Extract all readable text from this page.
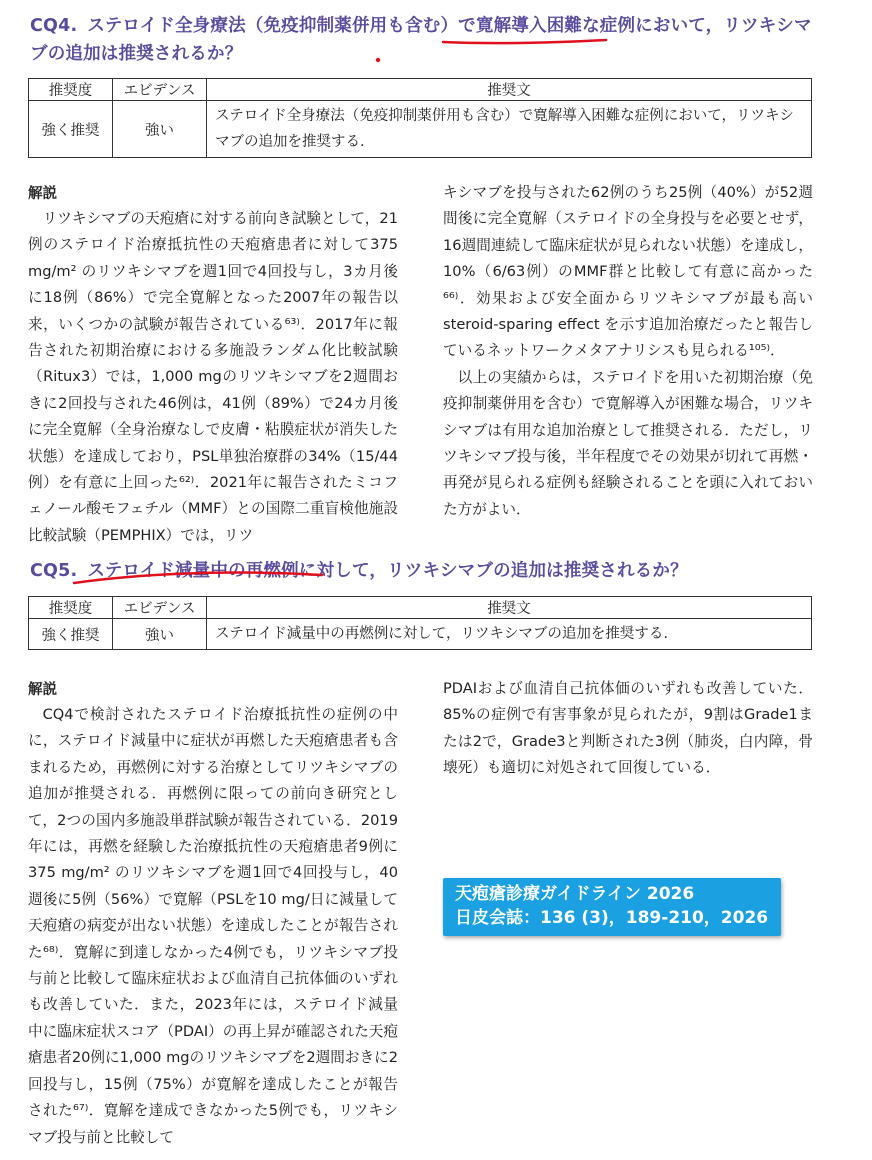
CQ4. ステロイド全身療法（免疫抑制薬併用も含む）で寛解導入困難な症例において，リツキシマブの追加は推奨されるか？
推奨度	エビデンス	推奨文
強く推奨	強い	ステロイド全身療法（免疫抑制薬併用も含む）で寛解導入困難な症例において，リツキシマブの追加を推奨する.
解説

リツキシマブの天疱瘡に対する前向き試験として，21例のステロイド治療抵抗性の天疱瘡患者に対して375 mg/m² のリツキシマブを週1回で4回投与し，3カ月後に18例（86%）で完全寛解となった2007年の報告以来，いくつかの試験が報告されている⁶³⁾．2017年に報告された初期治療における多施設ランダム化比較試験（Ritux3）では，1,000 mgのリツキシマブを2週間おきに2回投与された46例は，41例（89%）で24カ月後に完全寛解（全身治療なしで皮膚・粘膜症状が消失した状態）を達成しており，PSL単独治療群の34%（15/44例）を有意に上回った⁶²⁾．2021年に報告されたミコフェノール酸モフェチル（MMF）との国際二重盲検他施設比較試験（PEMPHIX）では，リツ

キシマブを投与された62例のうち25例（40%）が52週間後に完全寛解（ステロイドの全身投与を必要とせず，16週間連続して臨床症状が見られない状態）を達成し，10%（6/63例）のMMF群と比較して有意に高かった⁶⁶⁾．効果および安全面からリツキシマブが最も高い steroid-sparing effect を示す追加治療だったと報告しているネットワークメタアナリシスも見られる¹⁰⁵⁾．

以上の実績からは，ステロイドを用いた初期治療（免疫抑制薬併用を含む）で寛解導入が困難な場合，リツキシマブは有用な追加治療として推奨される．ただし，リツキシマブ投与後，半年程度でその効果が切れて再燃・再発が見られる症例も経験されることを頭に入れておいた方がよい．

CQ5. ステロイド減量中の再燃例に対して，リツキシマブの追加は推奨されるか？
推奨度	エビデンス	推奨文
強く推奨	強い	ステロイド減量中の再燃例に対して，リツキシマブの追加を推奨する.
解説

CQ4で検討されたステロイド治療抵抗性の症例の中に，ステロイド減量中に症状が再燃した天疱瘡患者も含まれるため，再燃例に対する治療としてリツキシマブの追加が推奨される．再燃例に限っての前向き研究として，2つの国内多施設単群試験が報告されている．2019年には，再燃を経験した治療抵抗性の天疱瘡患者9例に375 mg/m² のリツキシマブを週1回で4回投与し，40週後に5例（56%）で寛解（PSLを10 mg/日に減量して天疱瘡の病変が出ない状態）を達成したことが報告された⁶⁸⁾．寛解に到達しなかった4例でも，リツキシマブ投与前と比較して臨床症状および血清自己抗体価のいずれも改善していた．また，2023年には，ステロイド減量中に臨床症状スコア（PDAI）の再上昇が確認された天疱瘡患者20例に1,000 mgのリツキシマブを2週間おきに2回投与し，15例（75%）が寛解を達成したことが報告された⁶⁷⁾．寛解を達成できなかった5例でも，リツキシマブ投与前と比較して

PDAIおよび血清自己抗体価のいずれも改善していた．85%の症例で有害事象が見られたが，9割はGrade1または2で，Grade3と判断された3例（肺炎，白内障，骨壊死）も適切に対処されて回復している．

天疱瘡診療ガイドライン 2026
日皮会誌：136 (3)，189-210，2026
